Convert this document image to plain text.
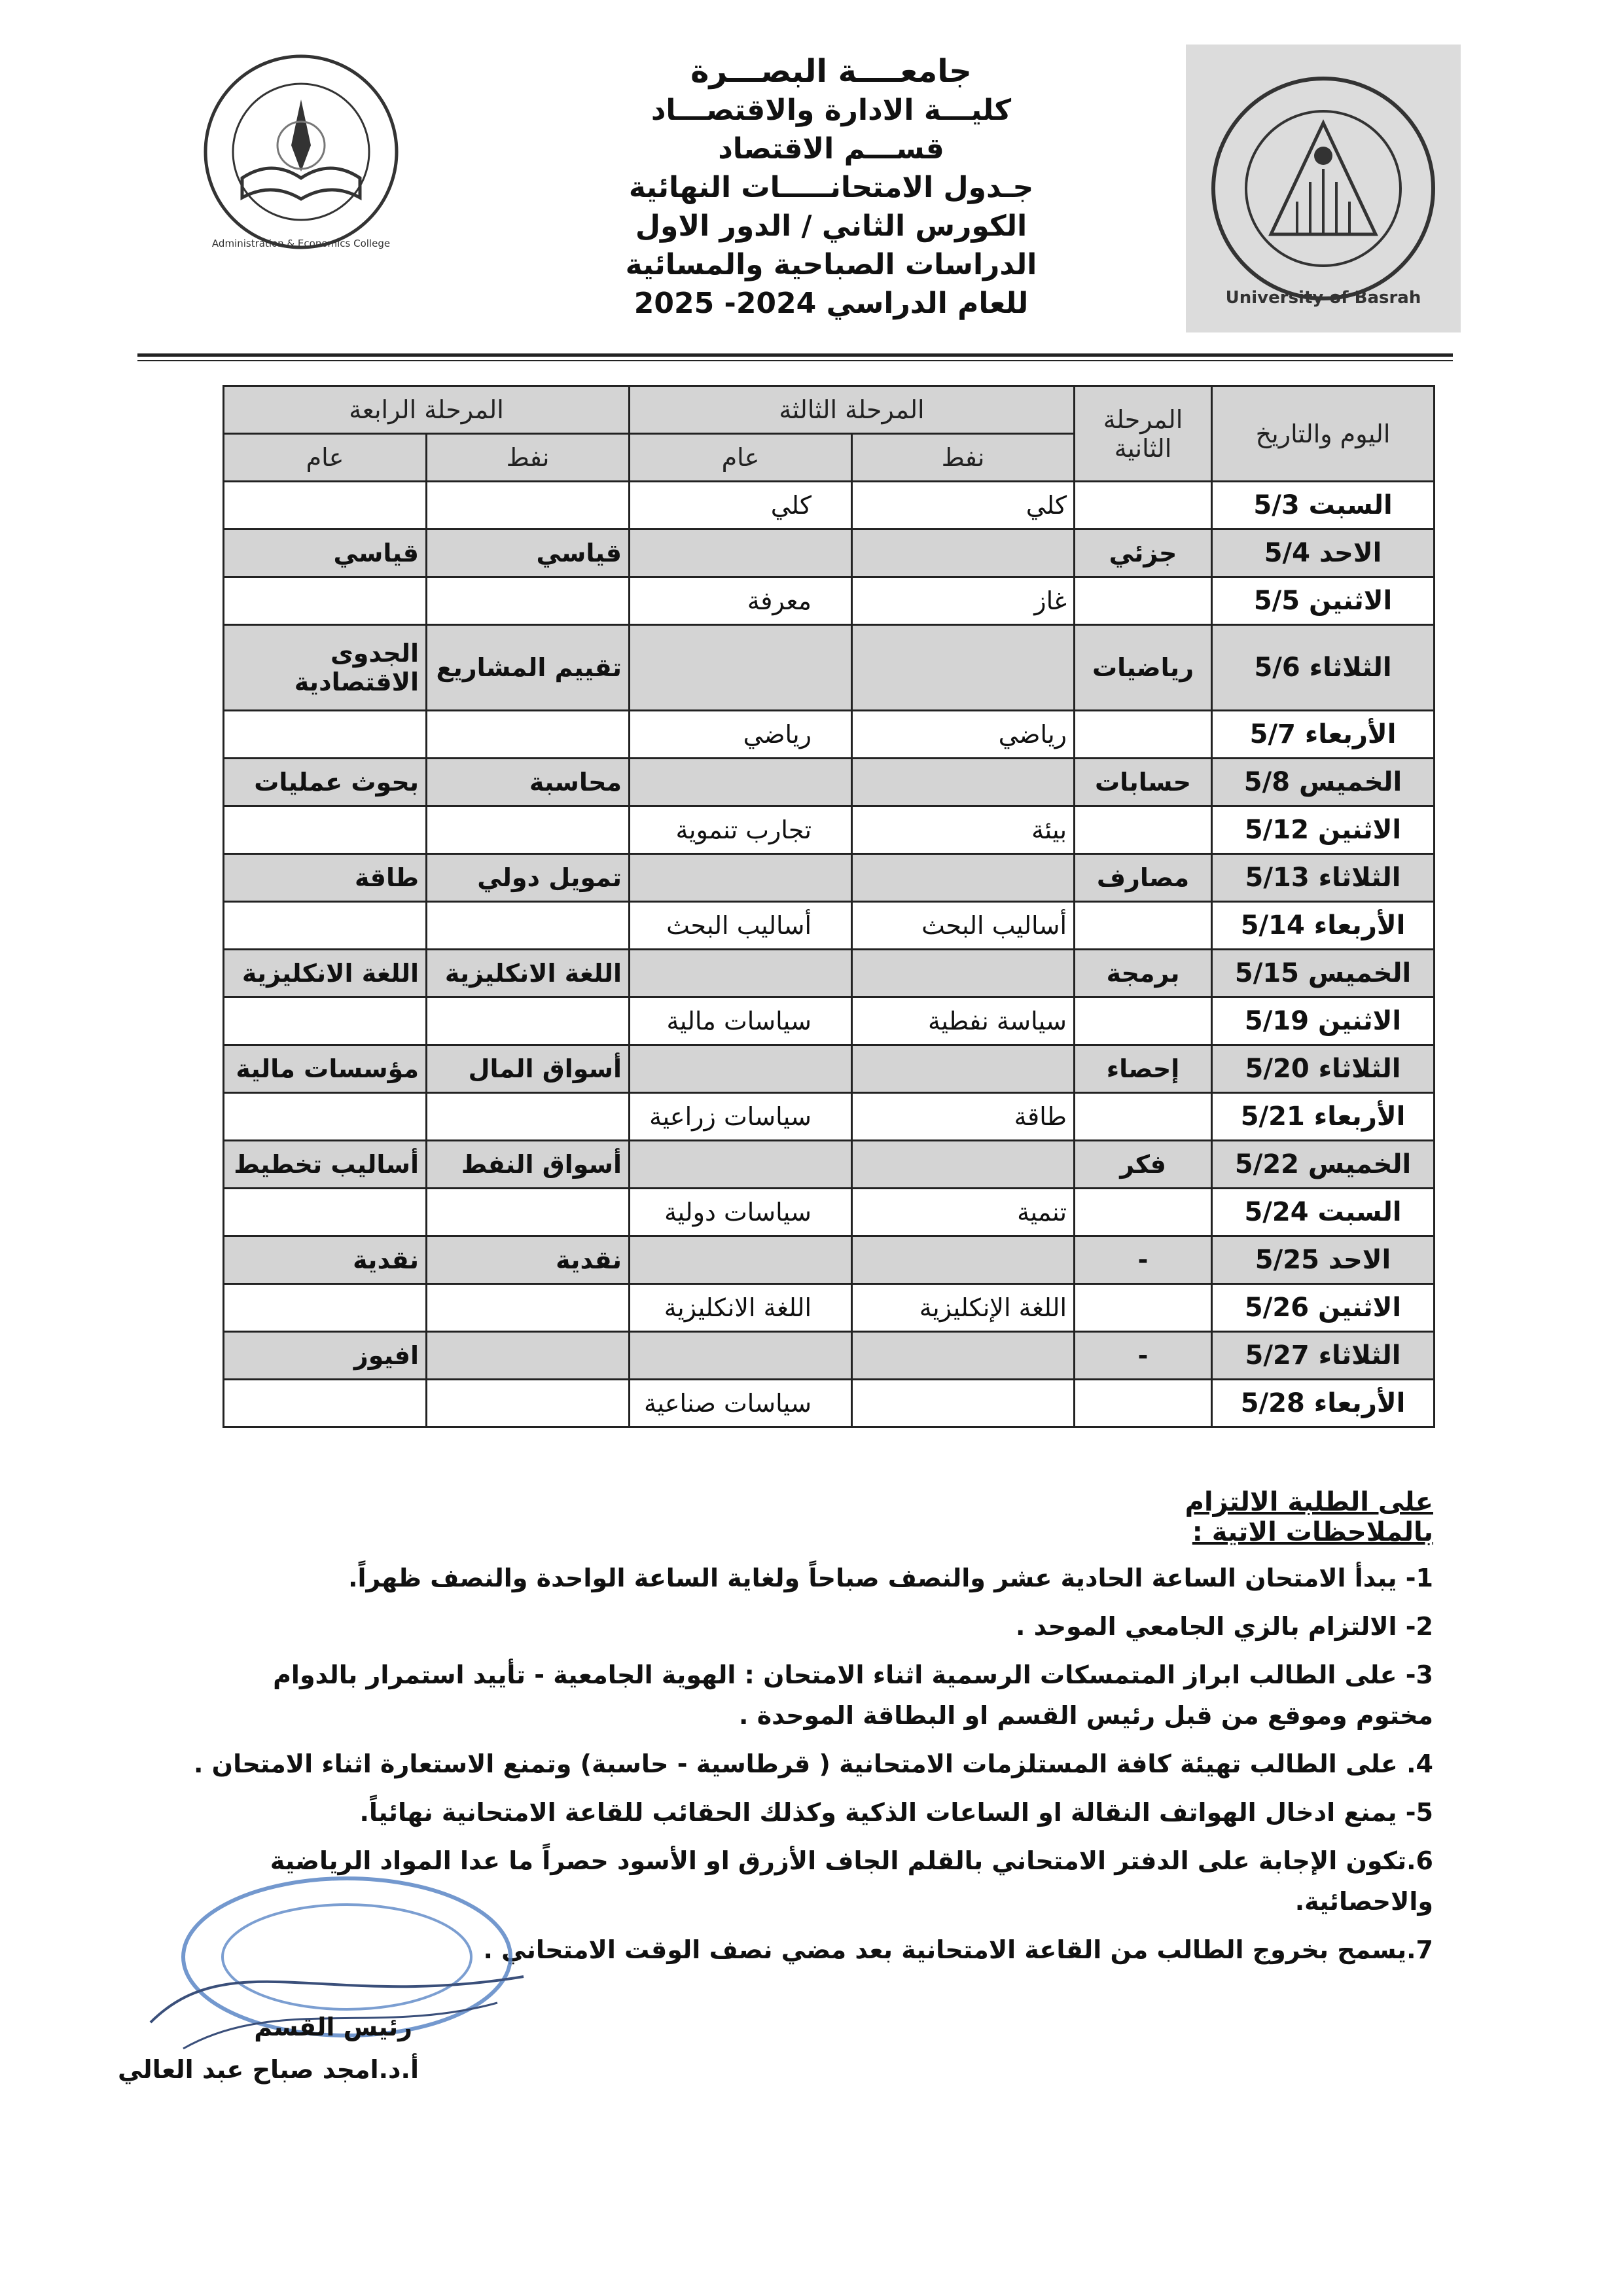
University of Basrah
Administration & Economics College
جامعــــة البصـــرة
كليـــة الادارة والاقتصـــاد
قســـم الاقتصاد
جـدول الامتحانـــــات النهائية
الكورس الثاني / الدور الاول
الدراسات الصباحية والمسائية
للعام الدراسي 2024- 2025
اليوم والتاريخ	المرحلة الثانية	المرحلة الثالثة		المرحلة الرابعة	
		نفط	عام	نفط	عام
السبت 5/3		كلي	كلي		
الاحد 5/4	جزئي			قياسي	قياسي
الاثنين 5/5		غاز	معرفة		
الثلاثاء 5/6	رياضيات			تقييم المشاريع	الجدوى الاقتصادية
الأربعاء 5/7		رياضي	رياضي		
الخميس 5/8	حسابات			محاسبة	بحوث عمليات
الاثنين 5/12		بيئة	تجارب تنموية		
الثلاثاء 5/13	مصارف			تمويل دولي	طاقة
الأربعاء 5/14		أساليب البحث	أساليب البحث		
الخميس 5/15	برمجة			اللغة الانكليزية	اللغة الانكليزية
الاثنين 5/19		سياسة نفطية	سياسات مالية		
الثلاثاء 5/20	إحصاء			أسواق المال	مؤسسات مالية
الأربعاء 5/21		طاقة	سياسات زراعية		
الخميس 5/22	فكر			أسواق النفط	أساليب تخطيط
السبت 5/24		تنمية	سياسات دولية		
الاحد 5/25	-			نقدية	نقدية
الاثنين 5/26		اللغة الإنكليزية	اللغة الانكليزية		
الثلاثاء 5/27	-				افيوز
الأربعاء 5/28			سياسات صناعية		
على الطلبة الالتزام بالملاحظات الاتية :

1- يبدأ الامتحان الساعة الحادية عشر والنصف صباحاً ولغاية الساعة الواحدة والنصف ظهراً.

2- الالتزام بالزي الجامعي الموحد .

3- على الطالب ابراز المتمسكات الرسمية اثناء الامتحان : الهوية الجامعية - تأييد استمرار بالدوام مختوم وموقع من قبل رئيس القسم او البطاقة الموحدة .

4. على الطالب تهيئة كافة المستلزمات الامتحانية ( قرطاسية - حاسبة) وتمنع الاستعارة اثناء الامتحان .

5- يمنع ادخال الهواتف النقالة او الساعات الذكية وكذلك الحقائب للقاعة الامتحانية نهائياً.

6.تكون الإجابة على الدفتر الامتحاني بالقلم الجاف الأزرق او الأسود حصراً ما عدا المواد الرياضية والاحصائية.

7.يسمح بخروج الطالب من القاعة الامتحانية بعد مضي نصف الوقت الامتحاني .

رئيس القسم
أ.د.امجد صباح عبد العالي
